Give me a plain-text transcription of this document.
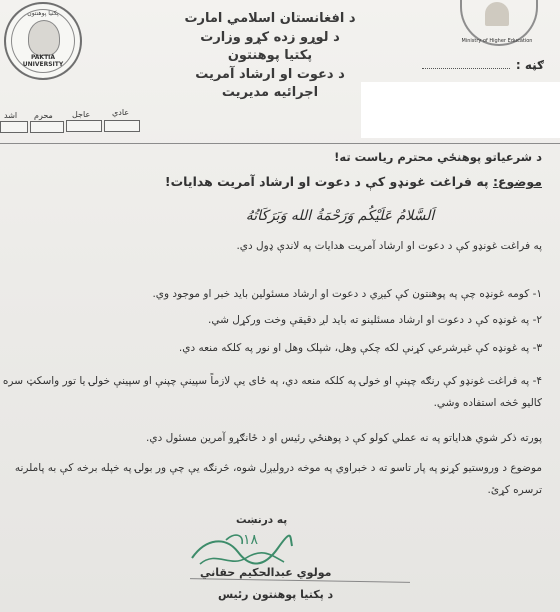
پکتیا پوهنتون
PAKTIA UNIVERSITY
Ministry of Higher Education
د افغانستان اسلامي امارت
د لوړو زده کړو وزارت
پکتیا پوهنتون
د دعوت او ارشاد آمریت
اجرائیه مدیریت
ګڼه :
عادي
عاجل
محرم
اشد
د شرعیاتو پوهنځي محترم ریاست ته!
موضوع: په فراغت غونډو کې د دعوت او ارشاد آمریت هدایات!
اَلسَّلامُ عَلَيْكُم وَرَحْمَةُ الله وَبَرَكَاتُهُ
په فراغت غونډو کې د دعوت او ارشاد آمریت هدایات په لاندې ډول دي.
۱- کومه غونډه چې په پوهنتون کې کیږي د دعوت او ارشاد مسئولین باید خبر او موجود وي.
۲- په غونډه کې د دعوت او ارشاد مسئلینو ته باید لږ دقیقې وخت ورکړل شي.
۳- په غونډه کې غیرشرعي کړنې لکه چکې وهل، شپلک وهل او نور په کلکه منعه دي.
۴- په فراغت غونډو کې رنګه چپنې او خولۍ په کلکه منعه دي، په ځای یې لازماً سپینې چپنې او سپینې خولۍ یا تور واسکټ سره
کالیو څخه استفاده وشي.
پورته ذکر شوي هدایاتو په نه عملي کولو کې د پوهنځي رئیس او د ځانګړو آمرین مسئول دي.
موضوع د وروستیو کړنو په پار تاسو ته د خبراوي په موخه دروليږل شوه، څرنګه يې چې ور بولۍ په خپله برخه کې به پاملرنه
ترسره کړئ.
په درنښت
۱۸
مولوي عبدالحکیم حقاني
د پکتیا پوهنتون رئیس
